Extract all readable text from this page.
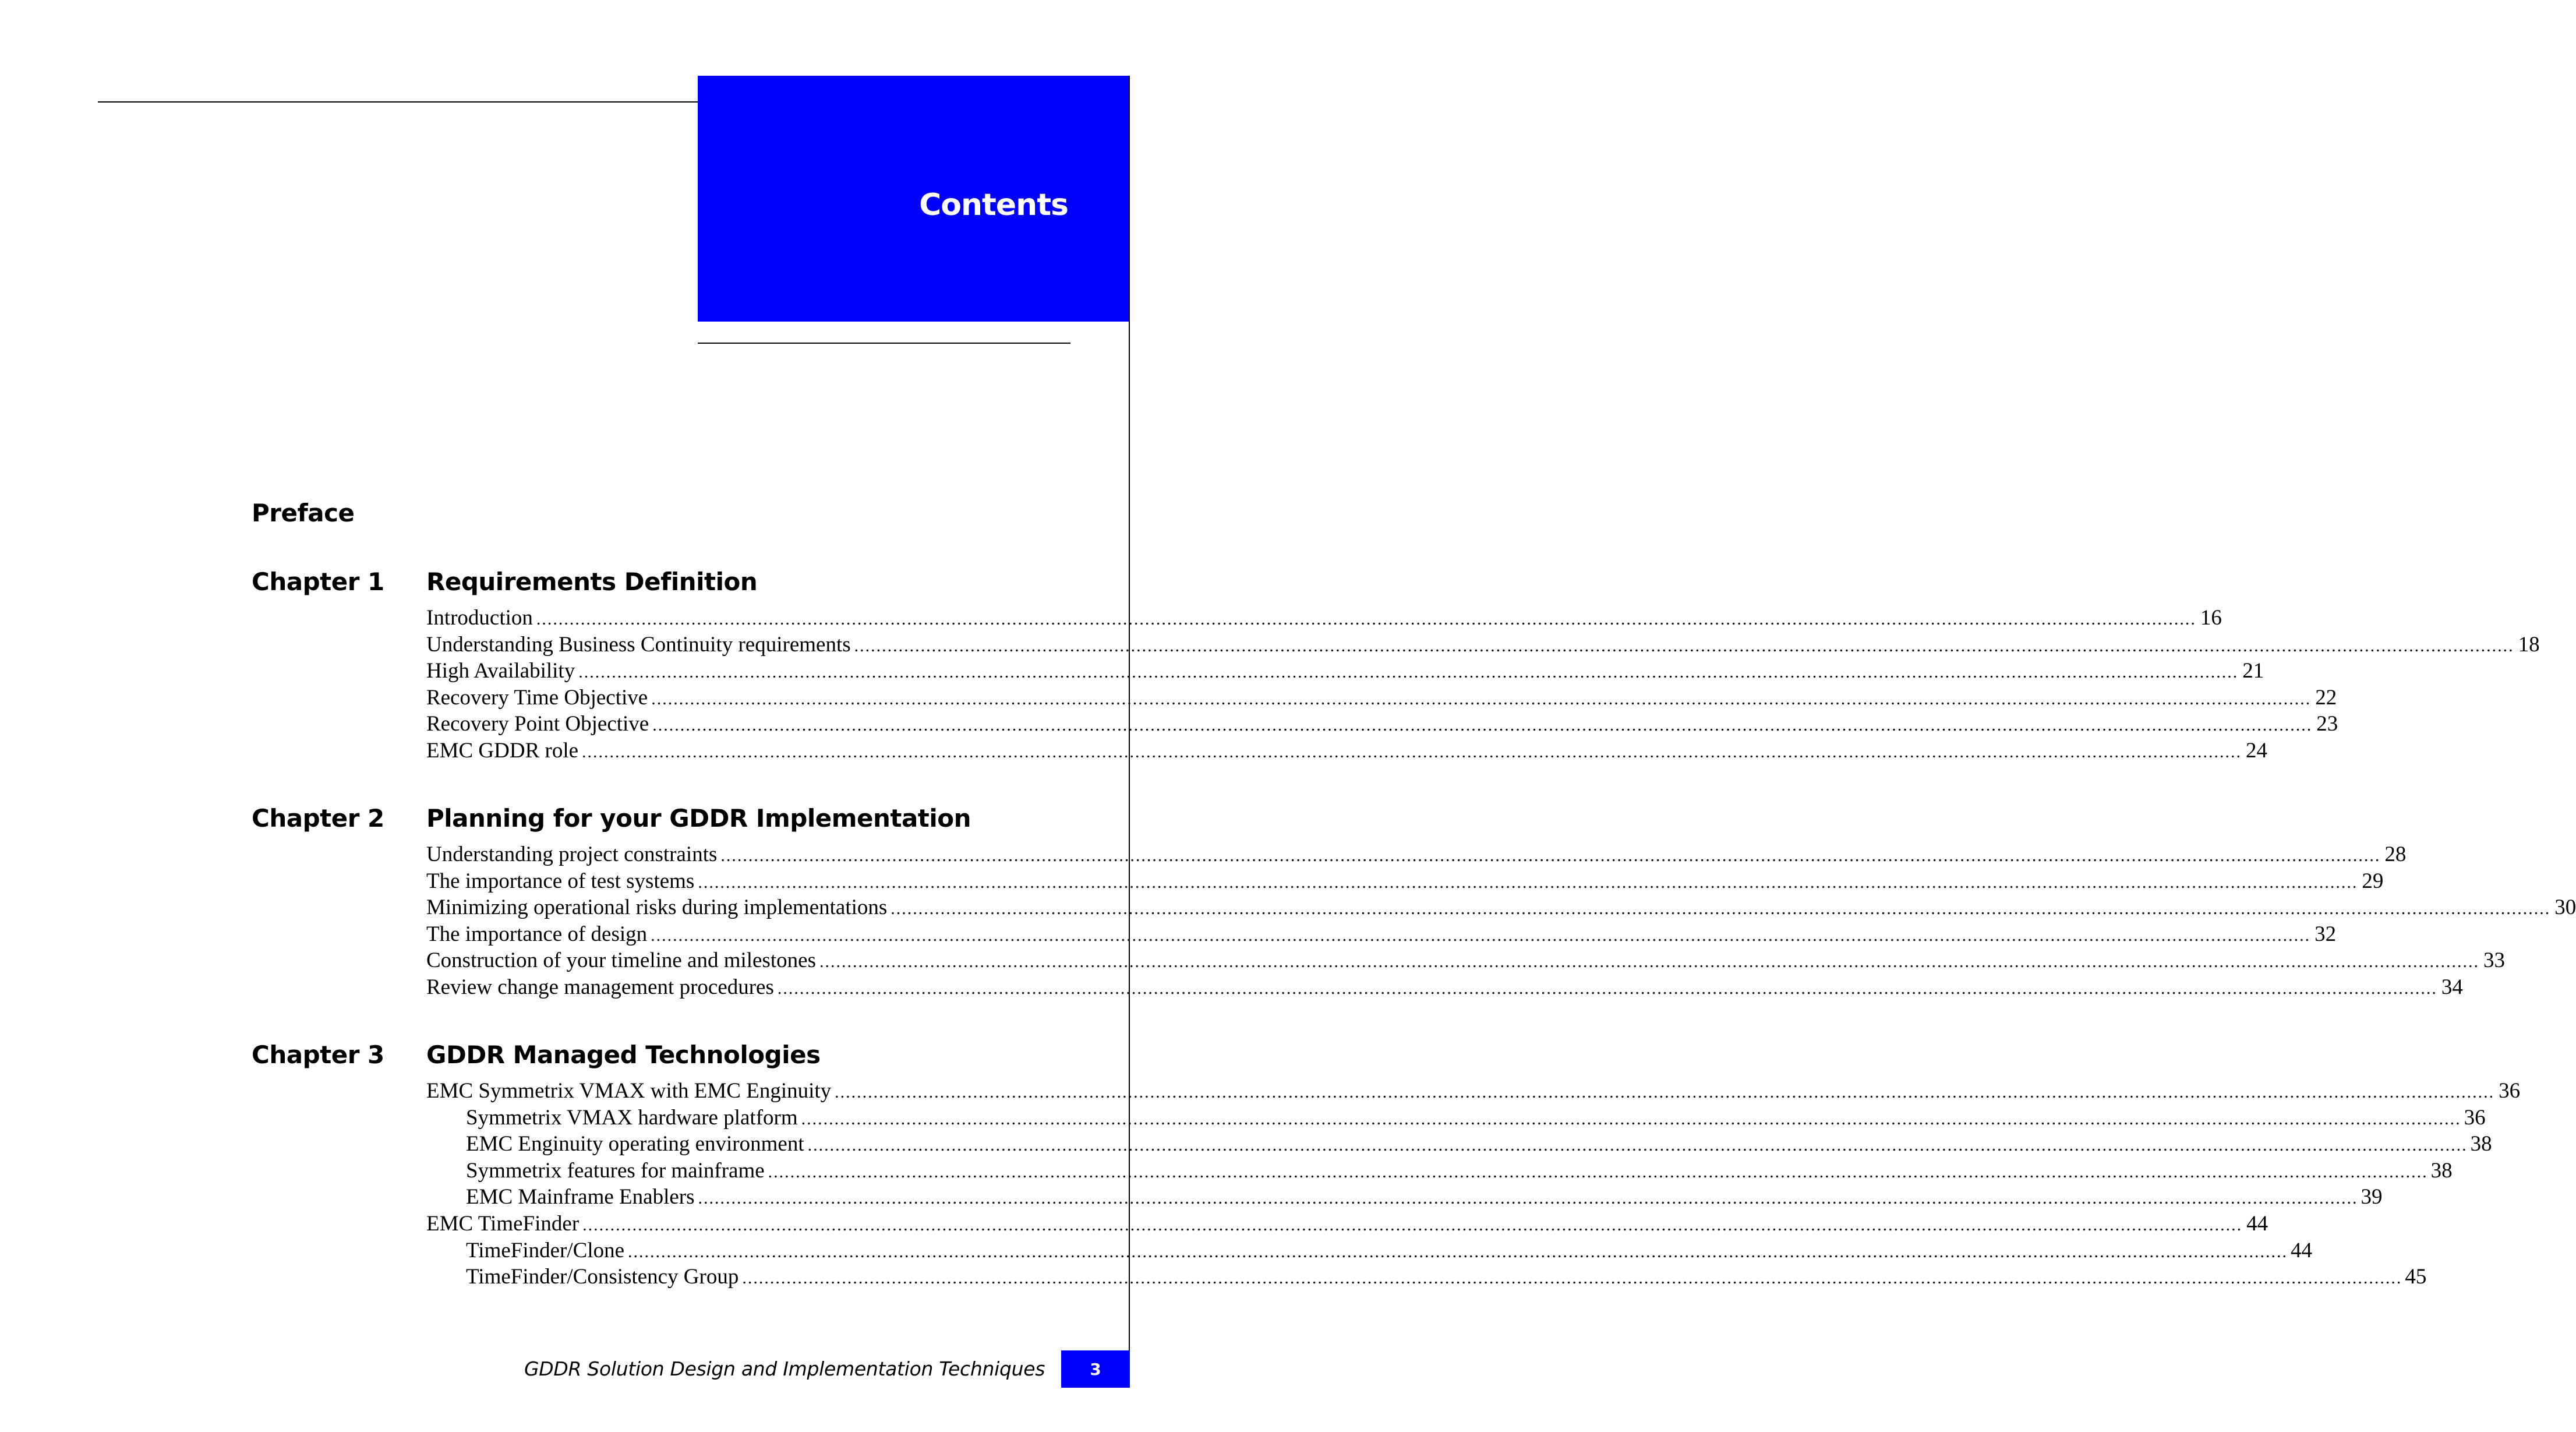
Contents
Preface
Chapter 1 Requirements Definition
Introduction ............................................................................................................................................................................................................................................................................................................ 16
Understanding Business Continuity requirements ............................................................................................................................................................................................................................................................................................................ 18
High Availability ............................................................................................................................................................................................................................................................................................................ 21
Recovery Time Objective ............................................................................................................................................................................................................................................................................................................ 22
Recovery Point Objective ............................................................................................................................................................................................................................................................................................................ 23
EMC GDDR role ............................................................................................................................................................................................................................................................................................................ 24
Chapter 2 Planning for your GDDR Implementation
Understanding project constraints ............................................................................................................................................................................................................................................................................................................ 28
The importance of test systems ............................................................................................................................................................................................................................................................................................................ 29
Minimizing operational risks during implementations ............................................................................................................................................................................................................................................................................................................ 30
The importance of design ............................................................................................................................................................................................................................................................................................................ 32
Construction of your timeline and milestones ............................................................................................................................................................................................................................................................................................................ 33
Review change management procedures ............................................................................................................................................................................................................................................................................................................ 34
Chapter 3 GDDR Managed Technologies
EMC Symmetrix VMAX with EMC Enginuity ............................................................................................................................................................................................................................................................................................................ 36
Symmetrix VMAX hardware platform ............................................................................................................................................................................................................................................................................................................ 36
EMC Enginuity operating environment ............................................................................................................................................................................................................................................................................................................ 38
Symmetrix features for mainframe ............................................................................................................................................................................................................................................................................................................ 38
EMC Mainframe Enablers ............................................................................................................................................................................................................................................................................................................ 39
EMC TimeFinder ............................................................................................................................................................................................................................................................................................................ 44
TimeFinder/Clone ............................................................................................................................................................................................................................................................................................................ 44
TimeFinder/Consistency Group ............................................................................................................................................................................................................................................................................................................ 45
GDDR Solution Design and Implementation Techniques	3
